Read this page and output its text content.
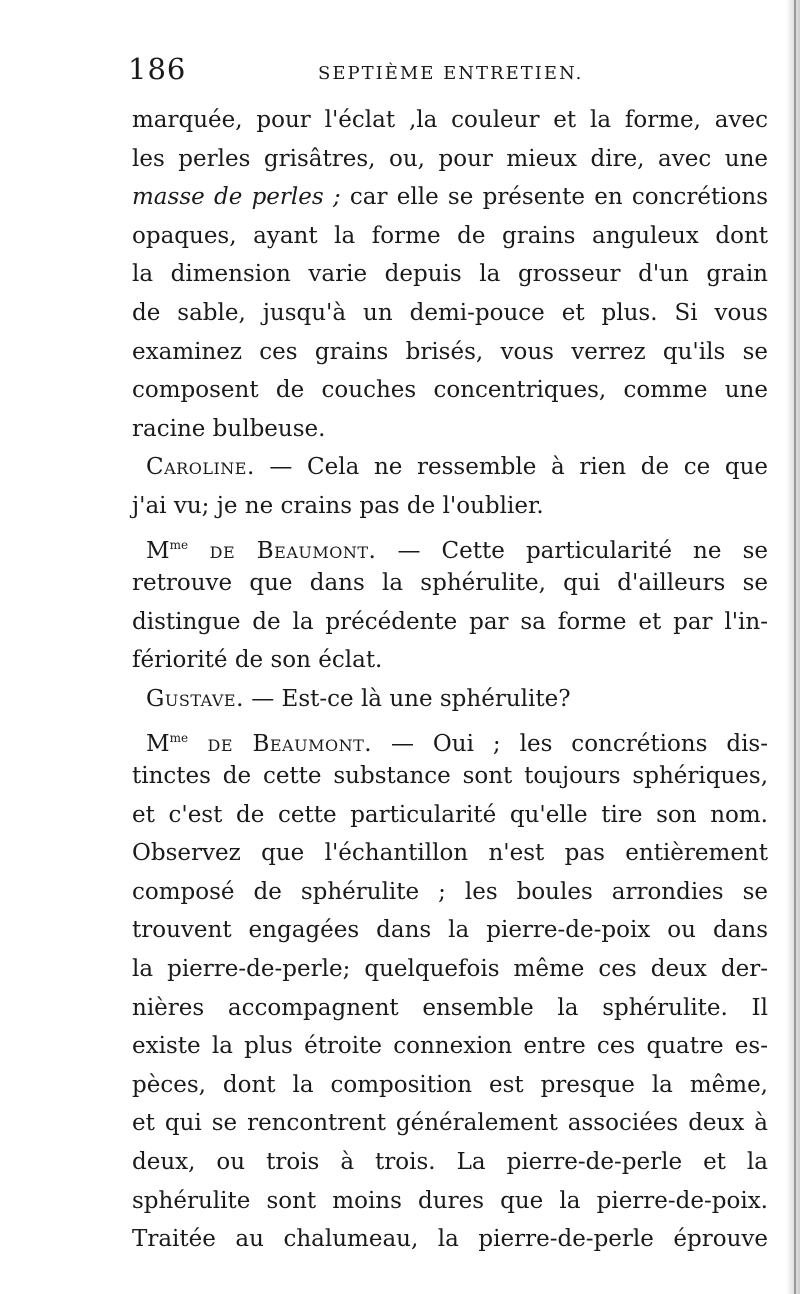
186	SEPTIÈME ENTRETIEN.
marquée, pour l'éclat ,la couleur et la forme, avec
les perles grisâtres, ou, pour mieux dire, avec une
masse de perles ; car elle se présente en concrétions
opaques, ayant la forme de grains anguleux dont
la dimension varie depuis la grosseur d'un grain
de sable, jusqu'à un demi-pouce et plus. Si vous
examinez ces grains brisés, vous verrez qu'ils se
composent de couches concentriques, comme une
racine bulbeuse.
Caroline. — Cela ne ressemble à rien de ce que
j'ai vu; je ne crains pas de l'oublier.
$M^{me}$ de Beaumont. — Cette particularité ne se
retrouve que dans la sphérulite, qui d'ailleurs se
distingue de la précédente par sa forme et par l'in-
fériorité de son éclat.
Gustave. — Est-ce là une sphérulite?
$M^{me}$ de Beaumont. — Oui ; les concrétions dis-
tinctes de cette substance sont toujours sphériques,
et c'est de cette particularité qu'elle tire son nom.
Observez que l'échantillon n'est pas entièrement
composé de sphérulite ; les boules arrondies se
trouvent engagées dans la pierre-de-poix ou dans
la pierre-de-perle; quelquefois même ces deux der-
nières accompagnent ensemble la sphérulite. Il
existe la plus étroite connexion entre ces quatre es-
pèces, dont la composition est presque la même,
et qui se rencontrent généralement associées deux à
deux, ou trois à trois. La pierre-de-perle et la
sphérulite sont moins dures que la pierre-de-poix.
Traitée au chalumeau, la pierre-de-perle éprouve
